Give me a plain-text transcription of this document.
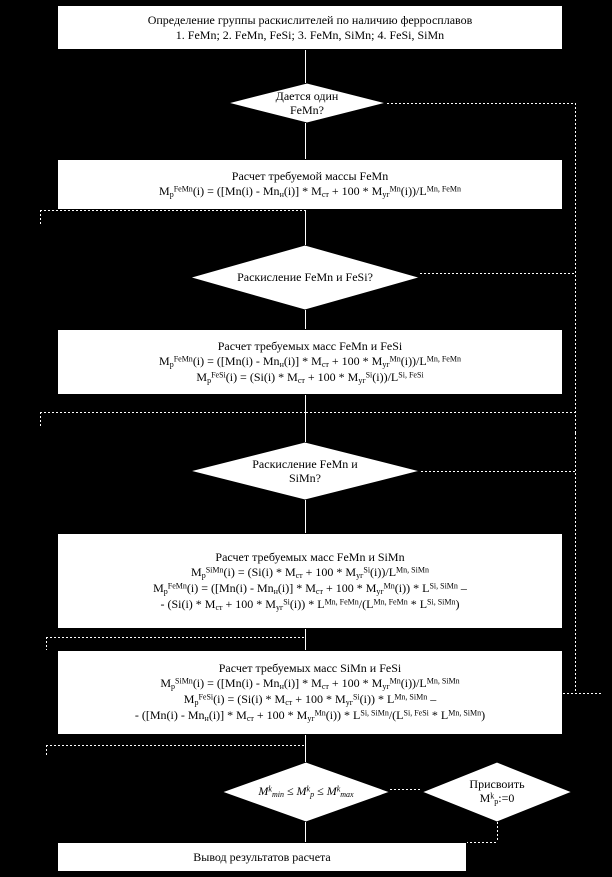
Определение группы раскислителей по наличию ферросплавов
1. FeMn; 2. FeMn, FeSi; 3. FeMn, SiMn; 4. FeSi, SiMn
Дается один
FeMn?
Расчет требуемой массы FeMn
$M_р^{FeMn}(i) = ([Mn(i) - Mn_н(i)] * M_{ст} + 100 * M_{уг}^{Mn}(i))/L^{Mn, FeMn}$
Раскисление FeMn и FeSi?
Расчет требуемых масс FeMn и FeSi
$M_р^{FeMn}(i) = ([Mn(i) - Mn_н(i)] * M_{ст} + 100 * M_{уг}^{Mn}(i))/L^{Mn, FeMn}$
$M_р^{FeSi}(i) = (Si(i) * M_{ст} + 100 * M_{уг}^{Si}(i))/L^{Si, FeSi}$
Раскисление FeMn и
SiMn?
Расчет требуемых масс FeMn и SiMn
$M_р^{SiMn}(i) = (Si(i) * M_{ст} + 100 * M_{уг}^{Si}(i))/L^{Mn, SiMn}$
$M_р^{FeMn}(i) = ([Mn(i) - Mn_н(i)] * M_{ст} + 100 * M_{уг}^{Mn}(i)) * L^{Si, SiMn}$ –
- $(Si(i) * M_{ст} + 100 * M_{уг}^{Si}(i)) * L^{Mn, FeMn}/(L^{Mn, FeMn} * L^{Si, SiMn})$
Расчет требуемых масс SiMn и FeSi
$M_р^{SiMn}(i) = ([Mn(i) - Mn_н(i)] * M_{ст} + 100 * M_{уг}^{Mn}(i))/L^{Mn, SiMn}$
$M_р^{FeSi}(i) = (Si(i) * M_{ст} + 100 * M_{уг}^{Si}(i)) * L^{Mn, SiMn}$ –
- $([Mn(i) - Mn_н(i)] * M_{ст} + 100 * M_{уг}^{Mn}(i)) * L^{Si, SiMn}/(L^{Si, FeSi} * L^{Mn, SiMn})$
$M^k_{min} \le M^k_p \le M^k_{max}$
Присвоить
$M^k_p:=0$
Вывод результатов расчета
